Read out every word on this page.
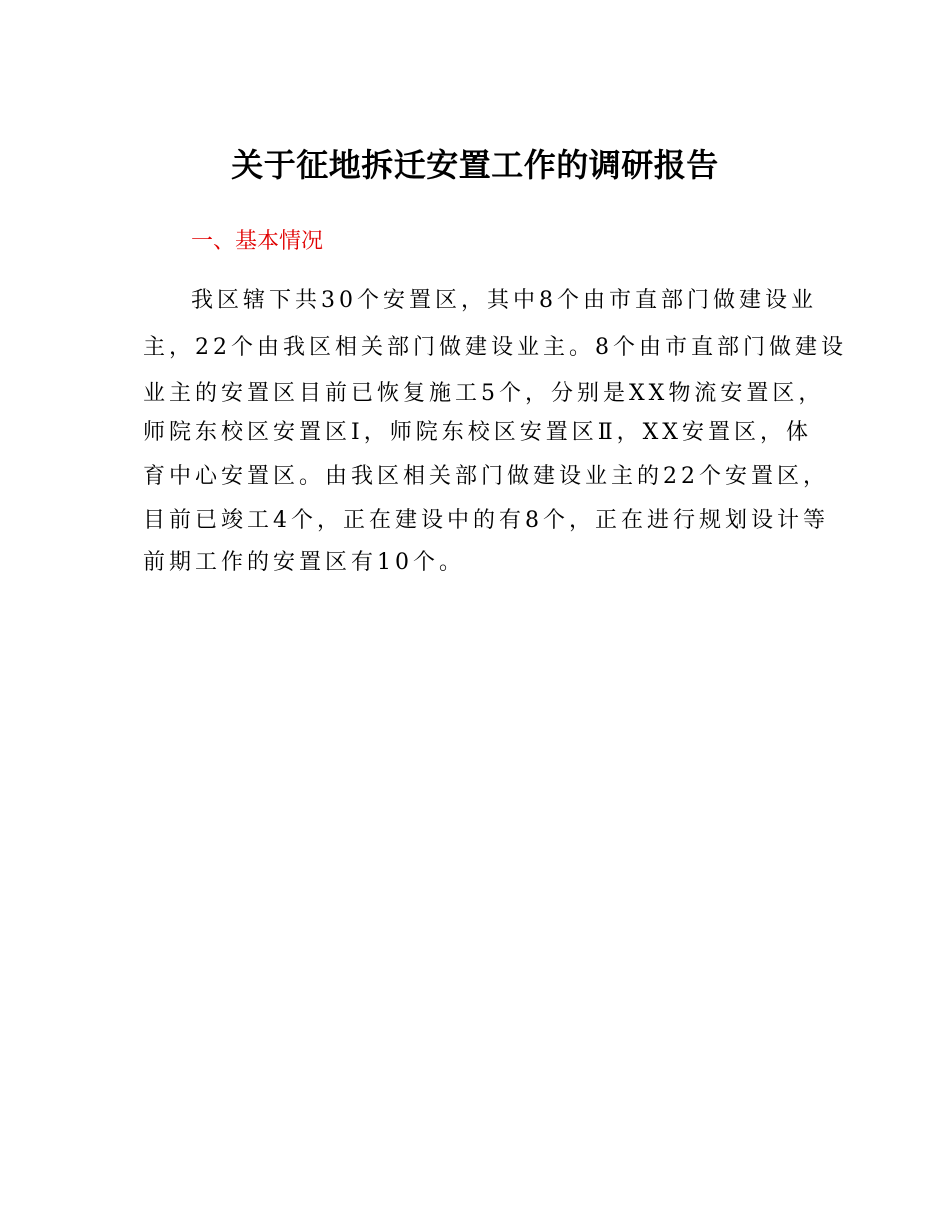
关于征地拆迁安置工作的调研报告
一、基本情况
我区辖下共30个安置区，其中8个由市直部门做建设业
主，22个由我区相关部门做建设业主。8个由市直部门做建设
业主的安置区目前已恢复施工5个，分别是XX物流安置区，
师院东校区安置区Ⅰ，师院东校区安置区Ⅱ，XX安置区，体
育中心安置区。由我区相关部门做建设业主的22个安置区，
目前已竣工4个，正在建设中的有8个，正在进行规划设计等
前期工作的安置区有10个。
